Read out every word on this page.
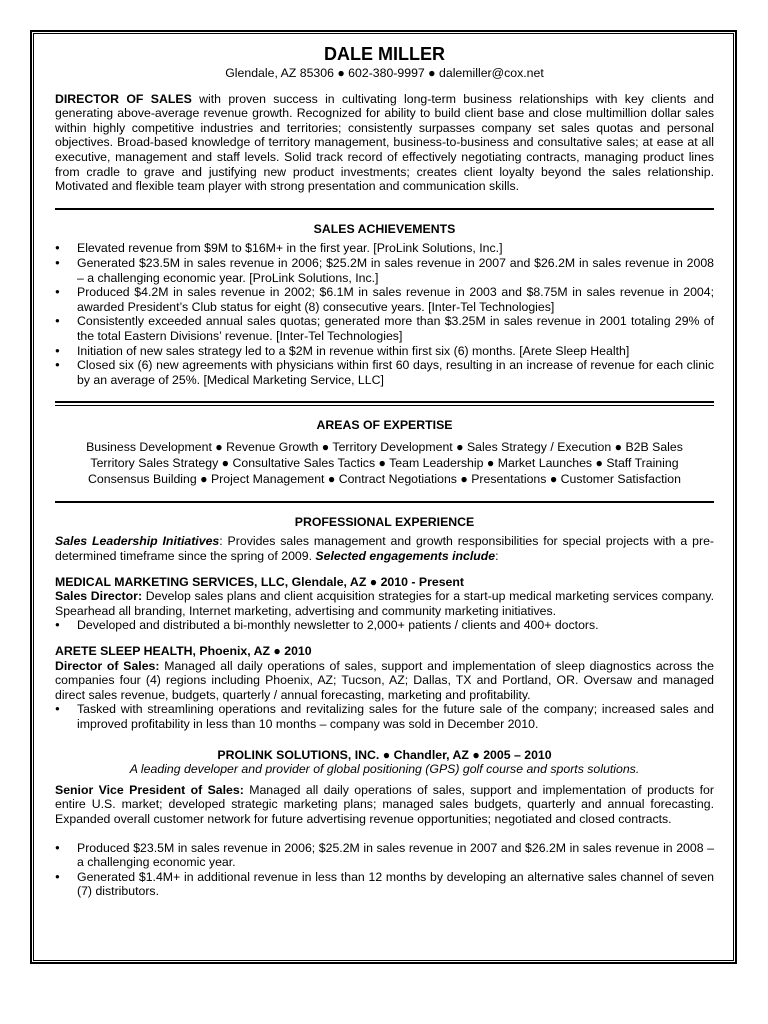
DALE MILLER
Glendale, AZ 85306 ● 602-380-9997 ● dalemiller@cox.net
DIRECTOR OF SALES with proven success in cultivating long-term business relationships with key clients and generating above-average revenue growth. Recognized for ability to build client base and close multimillion dollar sales within highly competitive industries and territories; consistently surpasses company set sales quotas and personal objectives. Broad-based knowledge of territory management, business-to-business and consultative sales; at ease at all executive, management and staff levels. Solid track record of effectively negotiating contracts, managing product lines from cradle to grave and justifying new product investments; creates client loyalty beyond the sales relationship. Motivated and flexible team player with strong presentation and communication skills.
SALES ACHIEVEMENTS
● Elevated revenue from $9M to $16M+ in the first year. [ProLink Solutions, Inc.]
● Generated $23.5M in sales revenue in 2006; $25.2M in sales revenue in 2007 and $26.2M in sales revenue in 2008 – a challenging economic year. [ProLink Solutions, Inc.]
● Produced $4.2M in sales revenue in 2002; $6.1M in sales revenue in 2003 and $8.75M in sales revenue in 2004; awarded President’s Club status for eight (8) consecutive years. [Inter-Tel Technologies]
● Consistently exceeded annual sales quotas; generated more than $3.25M in sales revenue in 2001 totaling 29% of the total Eastern Divisions’ revenue. [Inter-Tel Technologies]
● Initiation of new sales strategy led to a $2M in revenue within first six (6) months. [Arete Sleep Health]
● Closed six (6) new agreements with physicians within first 60 days, resulting in an increase of revenue for each clinic by an average of 25%. [Medical Marketing Service, LLC]
AREAS OF EXPERTISE
Business Development ● Revenue Growth ● Territory Development ● Sales Strategy / Execution ● B2B Sales
Territory Sales Strategy ● Consultative Sales Tactics ● Team Leadership ● Market Launches ● Staff Training
Consensus Building ● Project Management ● Contract Negotiations ● Presentations ● Customer Satisfaction
PROFESSIONAL EXPERIENCE
Sales Leadership Initiatives: Provides sales management and growth responsibilities for special projects with a pre-determined timeframe since the spring of 2009. Selected engagements include:
MEDICAL MARKETING SERVICES, LLC, Glendale, AZ ● 2010 - Present
Sales Director: Develop sales plans and client acquisition strategies for a start-up medical marketing services company. Spearhead all branding, Internet marketing, advertising and community marketing initiatives.
● Developed and distributed a bi-monthly newsletter to 2,000+ patients / clients and 400+ doctors.
ARETE SLEEP HEALTH, Phoenix, AZ ● 2010
Director of Sales: Managed all daily operations of sales, support and implementation of sleep diagnostics across the companies four (4) regions including Phoenix, AZ; Tucson, AZ; Dallas, TX and Portland, OR. Oversaw and managed direct sales revenue, budgets, quarterly / annual forecasting, marketing and profitability.
● Tasked with streamlining operations and revitalizing sales for the future sale of the company; increased sales and improved profitability in less than 10 months – company was sold in December 2010.
PROLINK SOLUTIONS, INC. ● Chandler, AZ ● 2005 – 2010
A leading developer and provider of global positioning (GPS) golf course and sports solutions.
Senior Vice President of Sales: Managed all daily operations of sales, support and implementation of products for entire U.S. market; developed strategic marketing plans; managed sales budgets, quarterly and annual forecasting. Expanded overall customer network for future advertising revenue opportunities; negotiated and closed contracts.
● Produced $23.5M in sales revenue in 2006; $25.2M in sales revenue in 2007 and $26.2M in sales revenue in 2008 – a challenging economic year.
● Generated $1.4M+ in additional revenue in less than 12 months by developing an alternative sales channel of seven (7) distributors.
